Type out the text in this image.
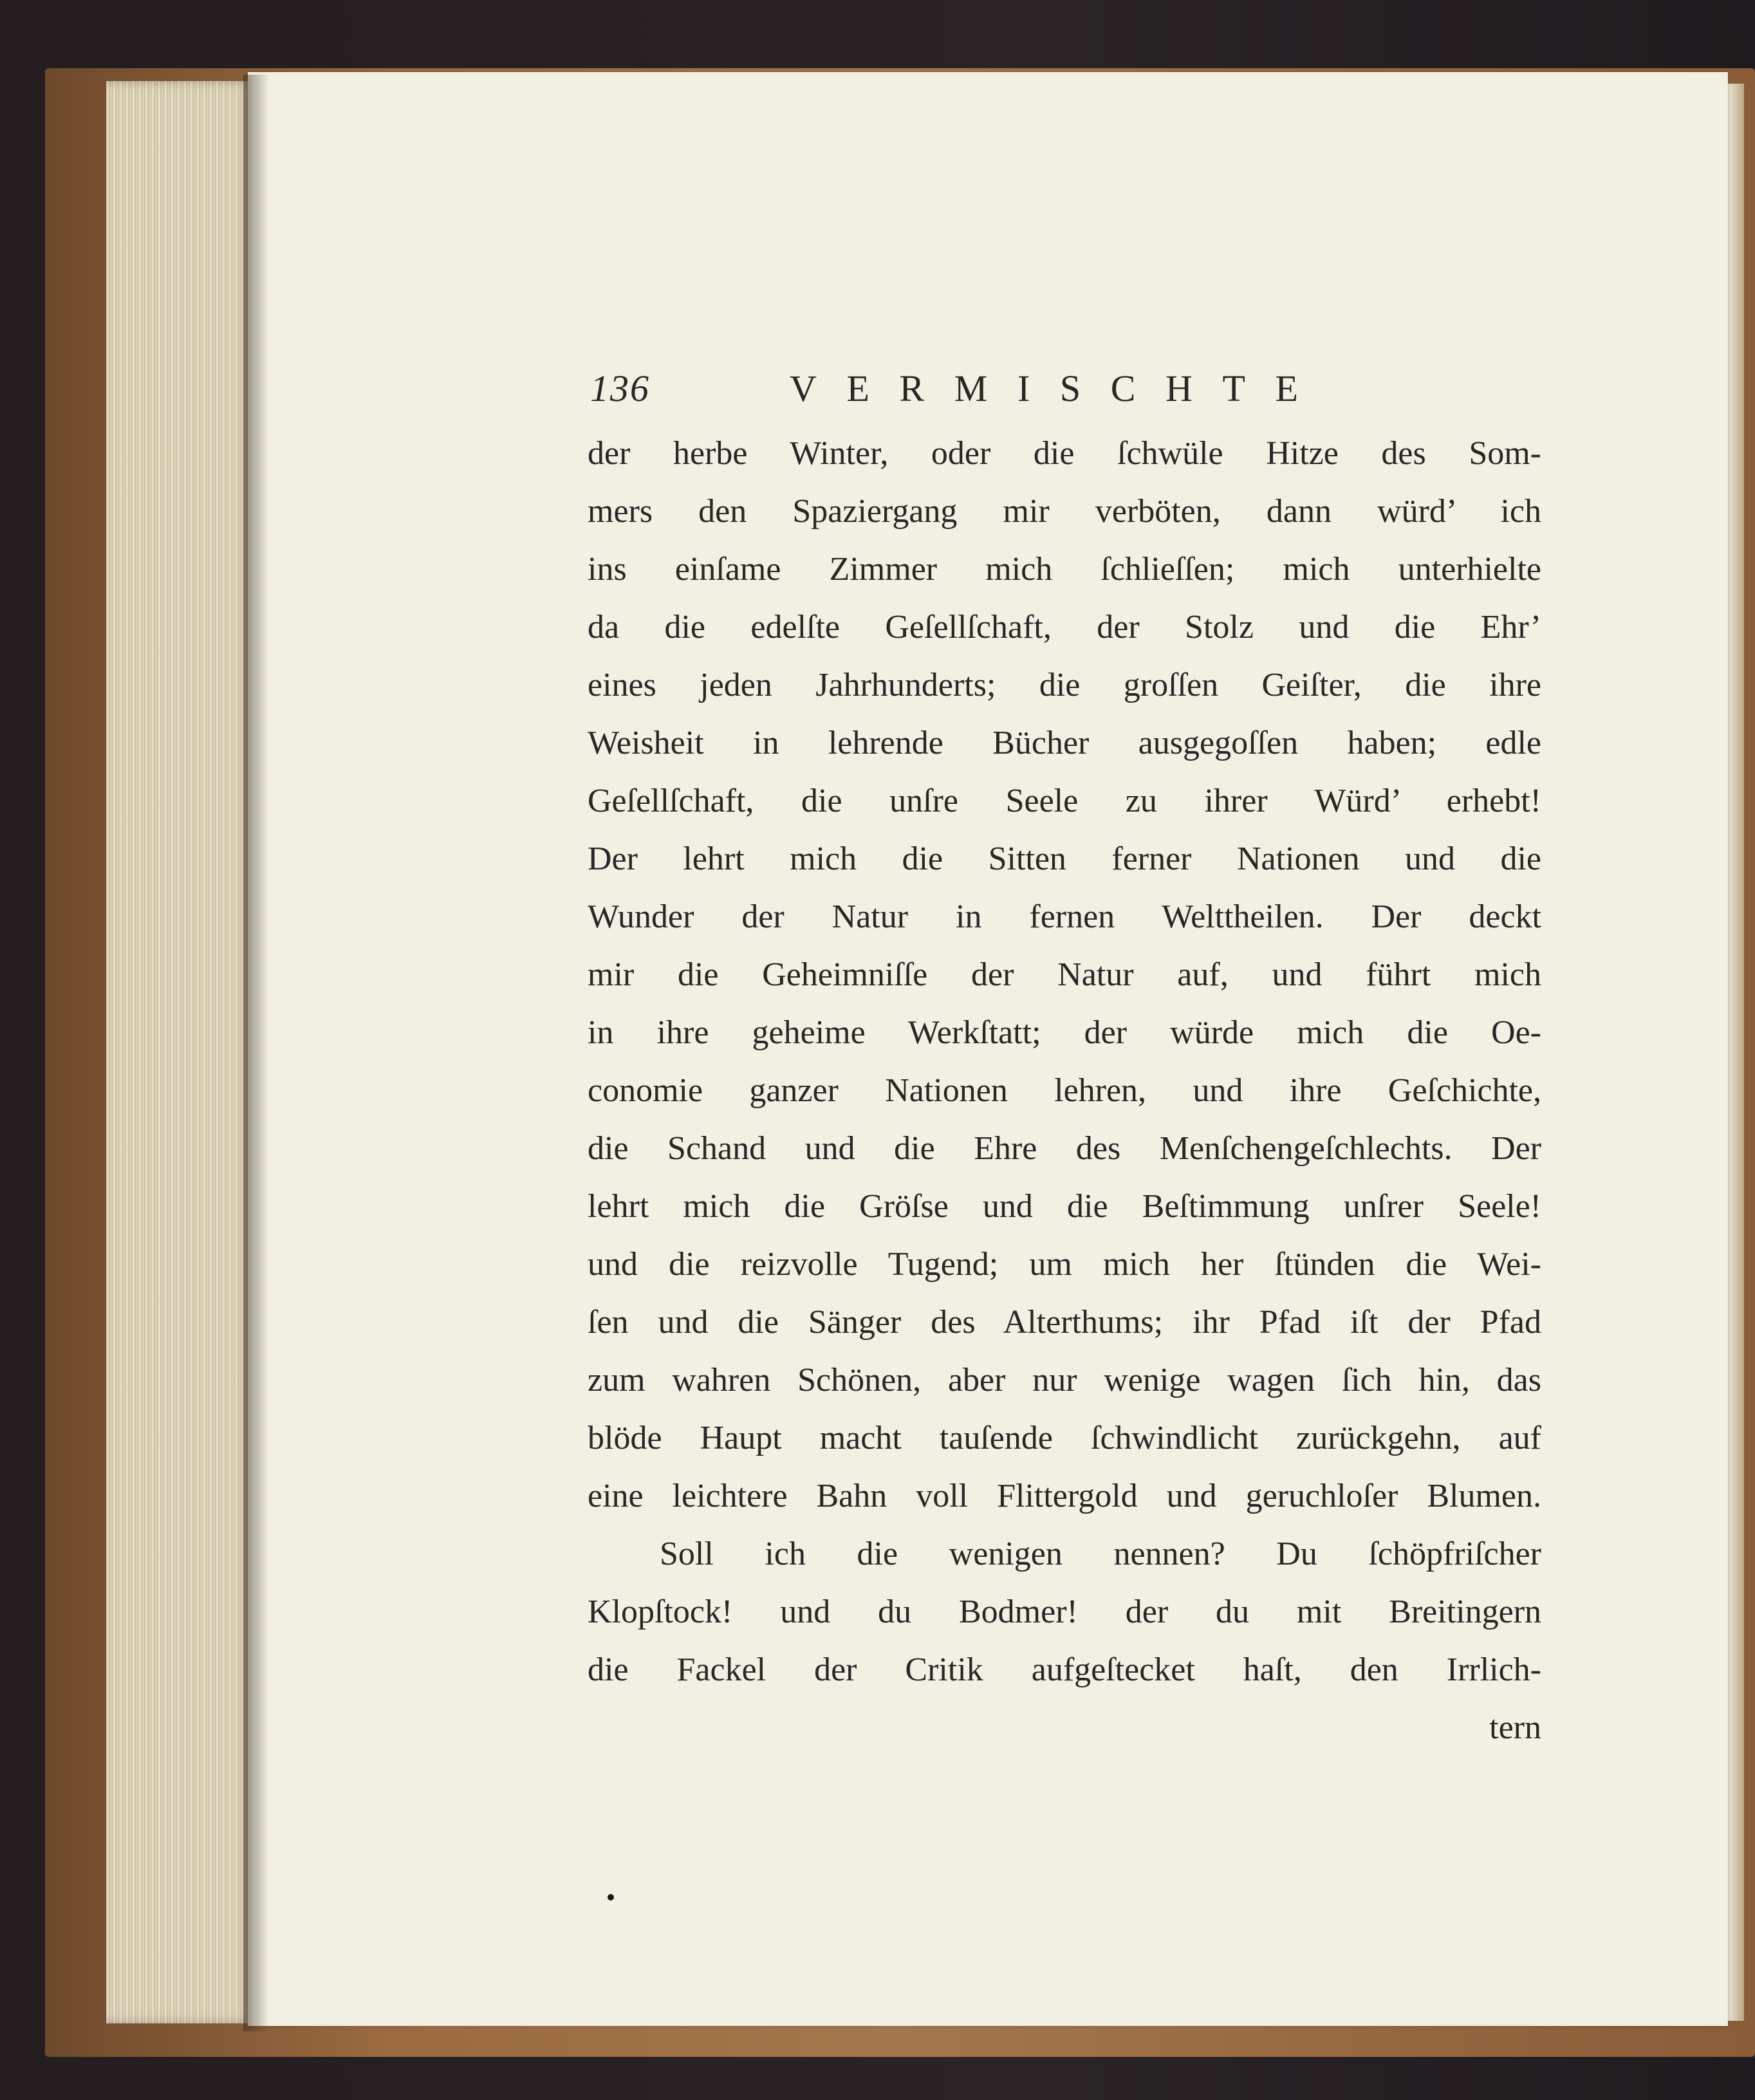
136	V E R M I S C H T E
der herbe Winter, oder die ſchwüle Hitze des Som-
mers den Spaziergang mir verböten, dann würd’ ich
ins einſame Zimmer mich ſchlieſſen; mich unterhielte
da die edelſte Geſellſchaft, der Stolz und die Ehr’
eines jeden Jahrhunderts; die groſſen Geiſter, die ihre
Weisheit in lehrende Bücher ausgegoſſen haben; edle
Geſellſchaft, die unſre Seele zu ihrer Würd’ erhebt!
Der lehrt mich die Sitten ferner Nationen und die
Wunder der Natur in fernen Welttheilen. Der deckt
mir die Geheimniſſe der Natur auf, und führt mich
in ihre geheime Werkſtatt; der würde mich die Oe-
conomie ganzer Nationen lehren, und ihre Geſchichte,
die Schand und die Ehre des Menſchengeſchlechts. Der
lehrt mich die Gröſse und die Beſtimmung unſrer Seele!
und die reizvolle Tugend; um mich her ſtünden die Wei-
ſen und die Sänger des Alterthums; ihr Pfad iſt der Pfad
zum wahren Schönen, aber nur wenige wagen ſich hin, das
blöde Haupt macht tauſende ſchwindlicht zurückgehn, auf
eine leichtere Bahn voll Flittergold und geruchloſer Blumen.
Soll ich die wenigen nennen? Du ſchöpfriſcher
Klopſtock! und du Bodmer! der du mit Breitingern
die Fackel der Critik aufgeſtecket haſt, den Irrlich-
tern
